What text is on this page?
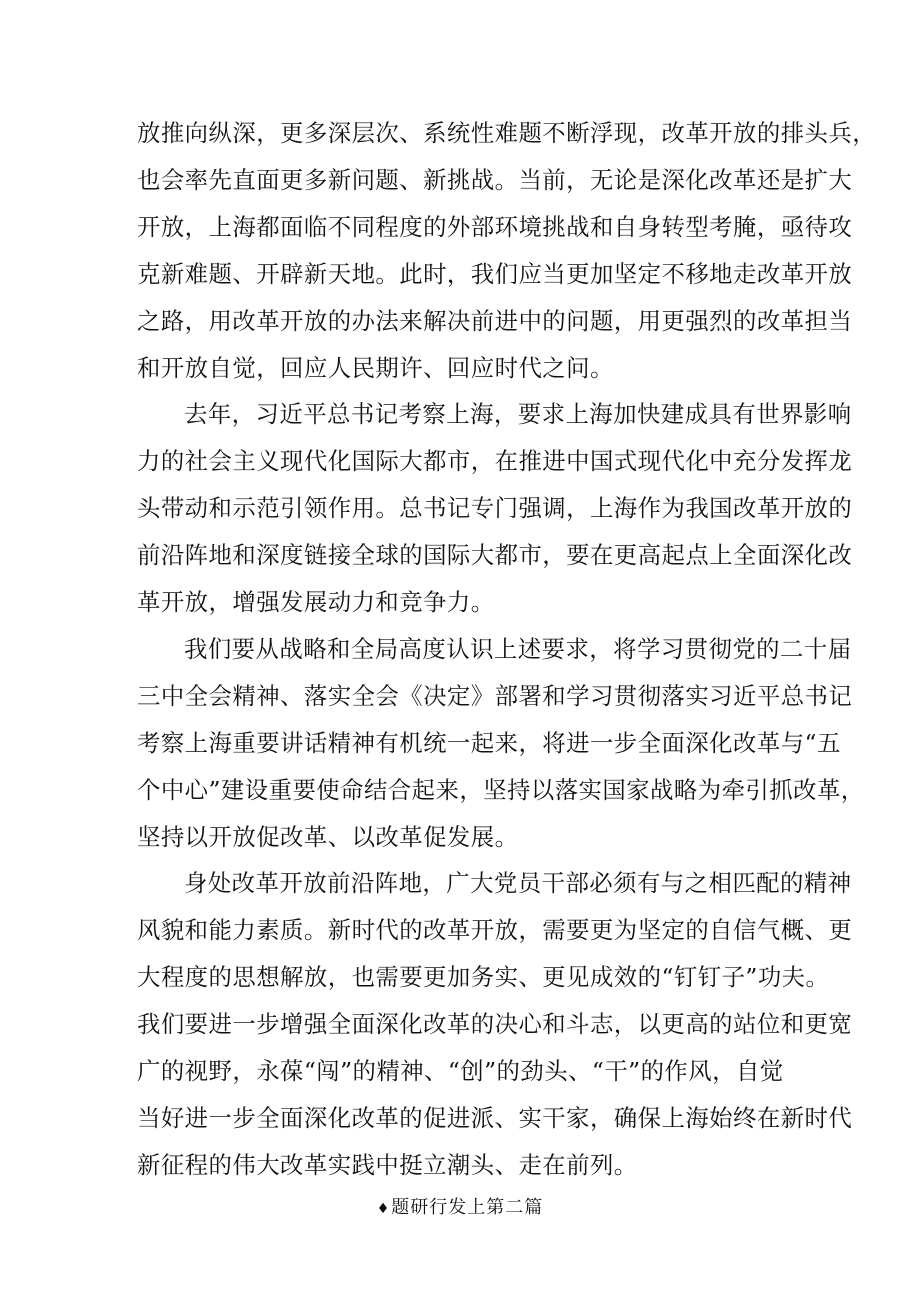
放推向纵深，更多深层次、系统性难题不断浮现，改革开放的排头兵，
也会率先直面更多新问题、新挑战。当前，无论是深化改革还是扩大
开放，上海都面临不同程度的外部环境挑战和自身转型考腌，亟待攻
克新难题、开辟新天地。此时，我们应当更加坚定不移地走改革开放
之路，用改革开放的办法来解决前进中的问题，用更强烈的改革担当
和开放自觉，回应人民期许、回应时代之问。
去年，习近平总书记考察上海，要求上海加快建成具有世界影响
力的社会主义现代化国际大都市，在推进中国式现代化中充分发挥龙
头带动和示范引领作用。总书记专门强调，上海作为我国改革开放的
前沿阵地和深度链接全球的国际大都市，要在更高起点上全面深化改
革开放，增强发展动力和竞争力。
我们要从战略和全局高度认识上述要求，将学习贯彻党的二十届
三中全会精神、落实全会《决定》部署和学习贯彻落实习近平总书记
考察上海重要讲话精神有机统一起来，将进一步全面深化改革与“五
个中心”建设重要使命结合起来，坚持以落实国家战略为牵引抓改革，
坚持以开放促改革、以改革促发展。
身处改革开放前沿阵地，广大党员干部必须有与之相匹配的精神
风貌和能力素质。新时代的改革开放，需要更为坚定的自信气概、更
大程度的思想解放，也需要更加务实、更见成效的“钉钉子”功夫。
我们要进一步增强全面深化改革的决心和斗志，以更高的站位和更宽
广的视野，永葆“闯”的精神、“创”的劲头、“干”的作风，自觉
当好进一步全面深化改革的促进派、实干家，确保上海始终在新时代
新征程的伟大改革实践中挺立潮头、走在前列。
♦题研行发上第二篇
